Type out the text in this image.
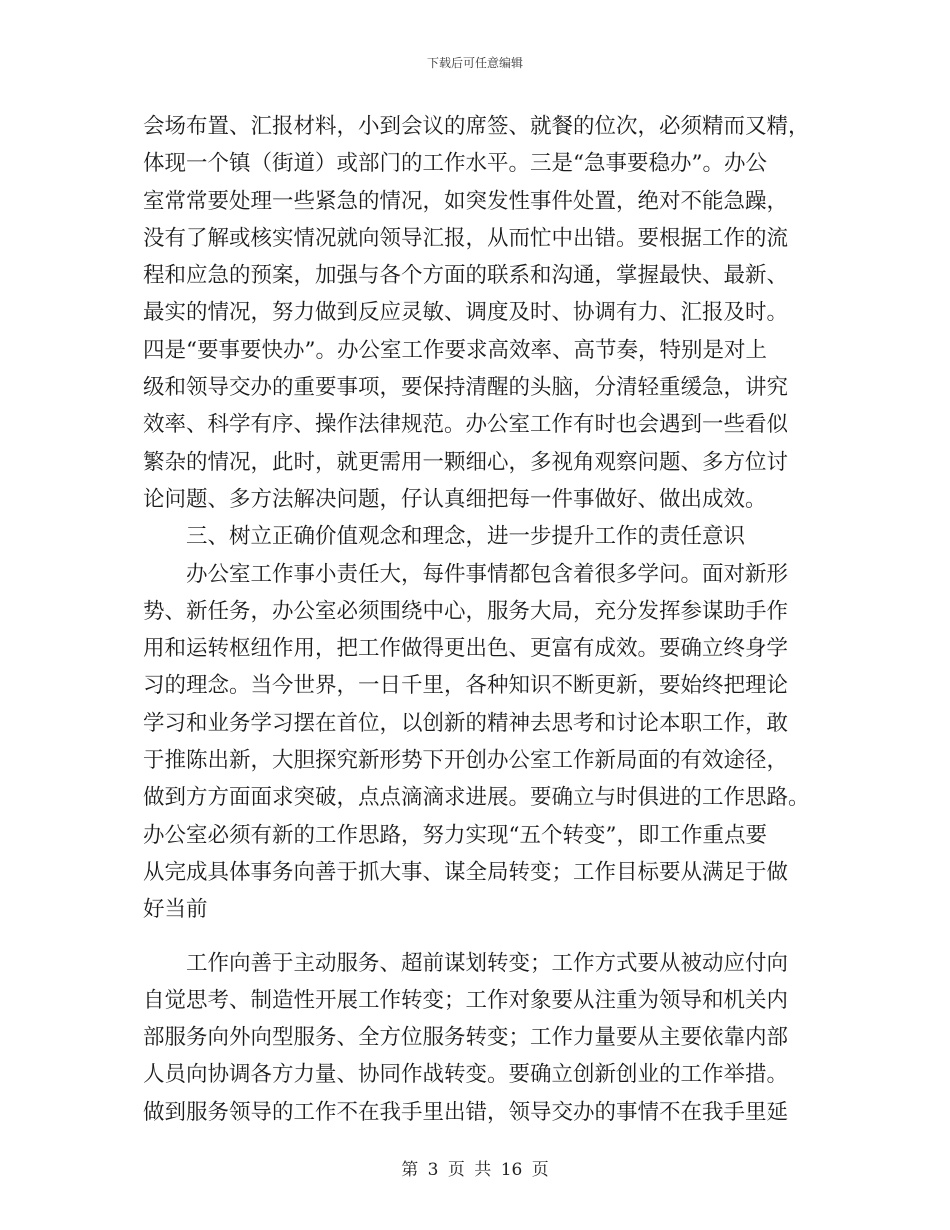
下载后可任意编辑
会场布置、汇报材料，小到会议的席签、就餐的位次，必须精而又精，
体现一个镇（街道）或部门的工作水平。三是“急事要稳办”。办公
室常常要处理一些紧急的情况，如突发性事件处置，绝对不能急躁，
没有了解或核实情况就向领导汇报，从而忙中出错。要根据工作的流
程和应急的预案，加强与各个方面的联系和沟通，掌握最快、最新、
最实的情况，努力做到反应灵敏、调度及时、协调有力、汇报及时。
四是“要事要快办”。办公室工作要求高效率、高节奏，特别是对上
级和领导交办的重要事项，要保持清醒的头脑，分清轻重缓急，讲究
效率、科学有序、操作法律规范。办公室工作有时也会遇到一些看似
繁杂的情况，此时，就更需用一颗细心，多视角观察问题、多方位讨
论问题、多方法解决问题，仔认真细把每一件事做好、做出成效。
三、树立正确价值观念和理念，进一步提升工作的责任意识
办公室工作事小责任大，每件事情都包含着很多学问。面对新形
势、新任务，办公室必须围绕中心，服务大局，充分发挥参谋助手作
用和运转枢纽作用，把工作做得更出色、更富有成效。要确立终身学
习的理念。当今世界，一日千里，各种知识不断更新，要始终把理论
学习和业务学习摆在首位，以创新的精神去思考和讨论本职工作，敢
于推陈出新，大胆探究新形势下开创办公室工作新局面的有效途径，
做到方方面面求突破，点点滴滴求进展。要确立与时俱进的工作思路。
办公室必须有新的工作思路，努力实现“五个转变”，即工作重点要
从完成具体事务向善于抓大事、谋全局转变；工作目标要从满足于做
好当前
工作向善于主动服务、超前谋划转变；工作方式要从被动应付向
自觉思考、制造性开展工作转变；工作对象要从注重为领导和机关内
部服务向外向型服务、全方位服务转变；工作力量要从主要依靠内部
人员向协调各方力量、协同作战转变。要确立创新创业的工作举措。
做到服务领导的工作不在我手里出错，领导交办的事情不在我手里延
第 3 页 共 16 页
